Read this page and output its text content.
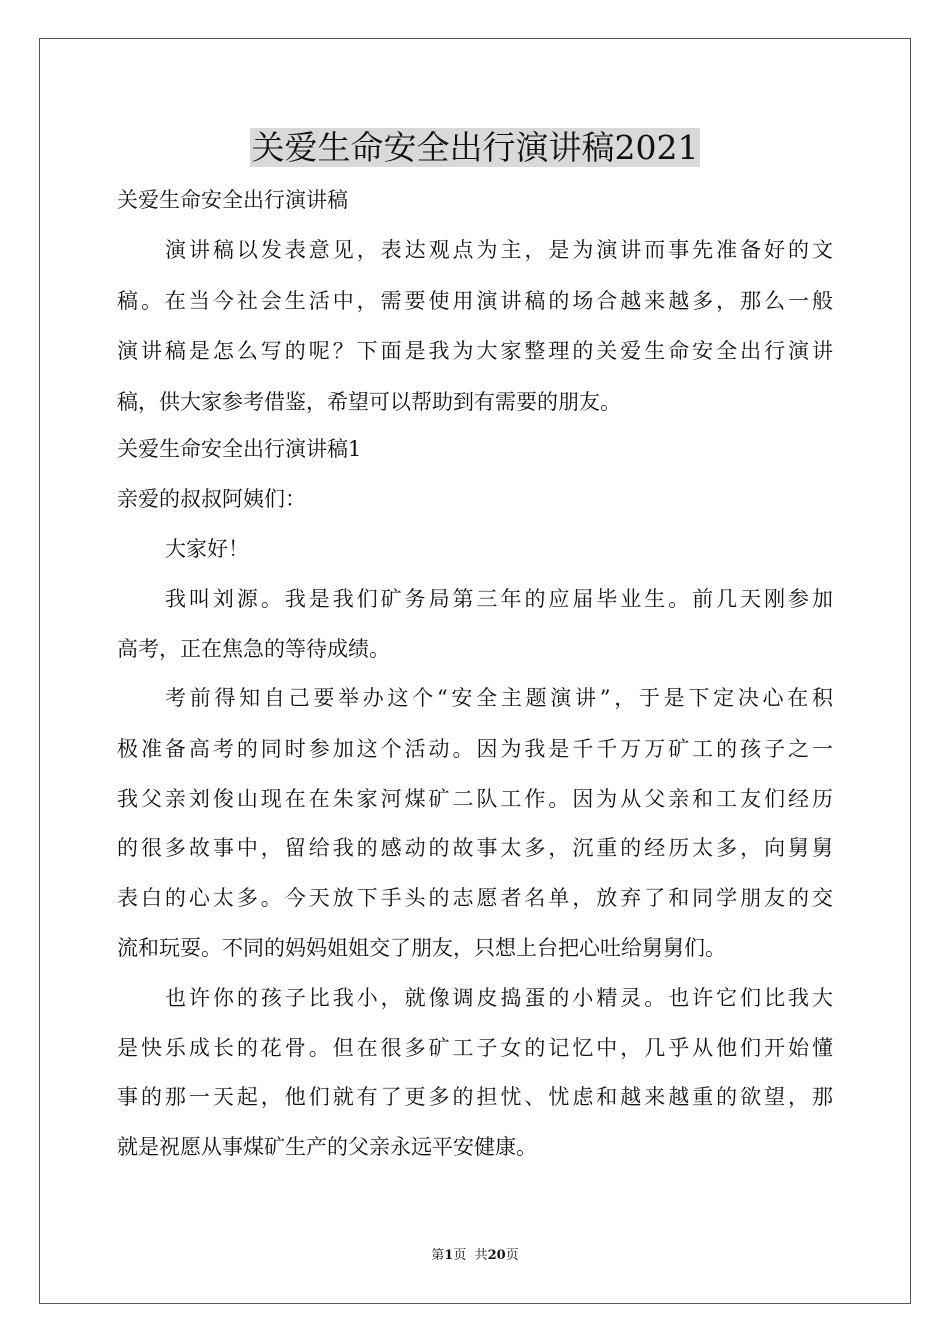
关爱生命安全出行演讲稿2021
关爱生命安全出行演讲稿
演讲稿以发表意见，表达观点为主，是为演讲而事先准备好的文
稿。在当今社会生活中，需要使用演讲稿的场合越来越多，那么一般
演讲稿是怎么写的呢？下面是我为大家整理的关爱生命安全出行演讲
稿，供大家参考借鉴，希望可以帮助到有需要的朋友。
关爱生命安全出行演讲稿1
亲爱的叔叔阿姨们：
大家好！
我叫刘源。我是我们矿务局第三年的应届毕业生。前几天刚参加
高考，正在焦急的等待成绩。
考前得知自己要举办这个“安全主题演讲”，于是下定决心在积
极准备高考的同时参加这个活动。因为我是千千万万矿工的孩子之一
我父亲刘俊山现在在朱家河煤矿二队工作。因为从父亲和工友们经历
的很多故事中，留给我的感动的故事太多，沉重的经历太多，向舅舅
表白的心太多。今天放下手头的志愿者名单，放弃了和同学朋友的交
流和玩耍。不同的妈妈姐姐交了朋友，只想上台把心吐给舅舅们。
也许你的孩子比我小，就像调皮捣蛋的小精灵。也许它们比我大
是快乐成长的花骨。但在很多矿工子女的记忆中，几乎从他们开始懂
事的那一天起，他们就有了更多的担忧、忧虑和越来越重的欲望，那
就是祝愿从事煤矿生产的父亲永远平安健康。
第1页  共20页
